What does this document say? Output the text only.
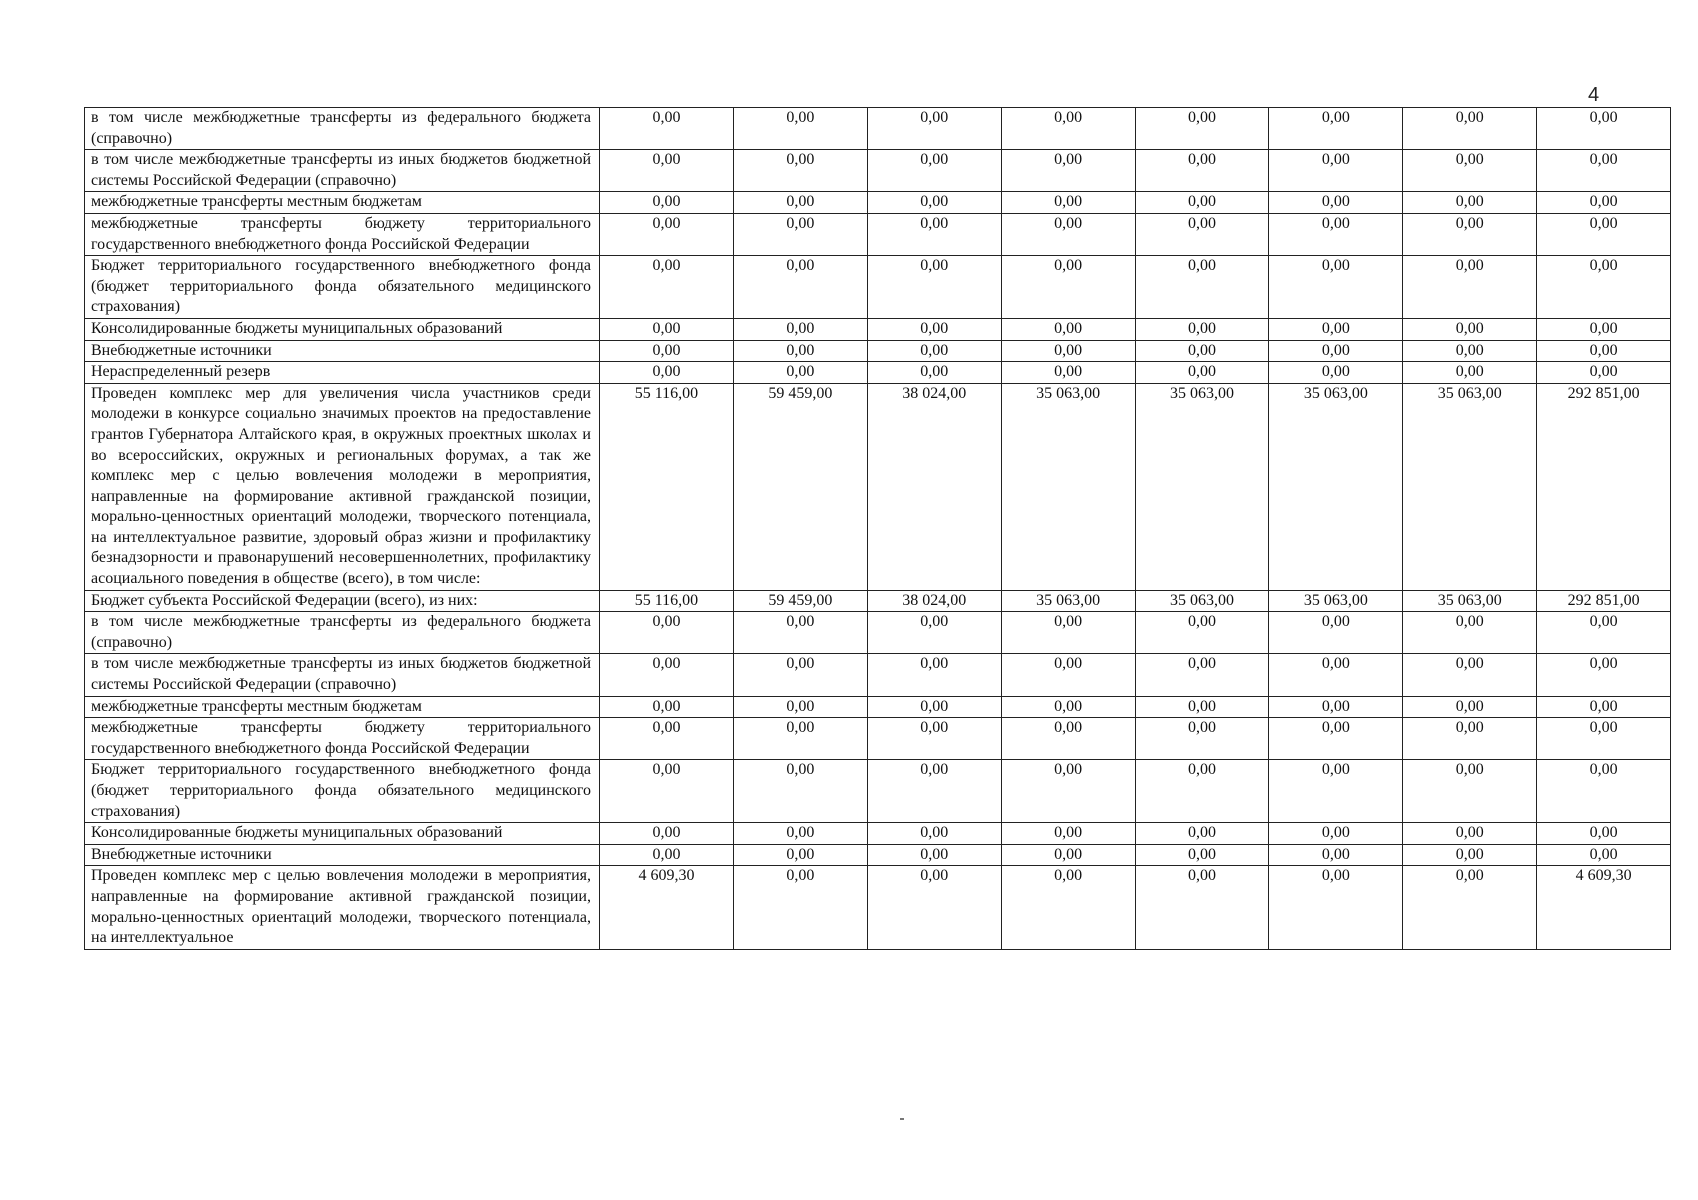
4
в том числе межбюджетные трансферты из федерального бюджета (справочно)	0,00	0,00	0,00	0,00	0,00	0,00	0,00	0,00
в том числе межбюджетные трансферты из иных бюджетов бюджетной системы Российской Федерации (справочно)	0,00	0,00	0,00	0,00	0,00	0,00	0,00	0,00
межбюджетные трансферты местным бюджетам	0,00	0,00	0,00	0,00	0,00	0,00	0,00	0,00
межбюджетные трансферты бюджету территориального государственного внебюджетного фонда Российской Федерации	0,00	0,00	0,00	0,00	0,00	0,00	0,00	0,00
Бюджет территориального государственного внебюджетного фонда (бюджет территориального фонда обязательного медицинского страхования)	0,00	0,00	0,00	0,00	0,00	0,00	0,00	0,00
Консолидированные бюджеты муниципальных образований	0,00	0,00	0,00	0,00	0,00	0,00	0,00	0,00
Внебюджетные источники	0,00	0,00	0,00	0,00	0,00	0,00	0,00	0,00
Нераспределенный резерв	0,00	0,00	0,00	0,00	0,00	0,00	0,00	0,00
Проведен комплекс мер для увеличения числа участников среди молодежи в конкурсе социально значимых проектов на предоставление грантов Губернатора Алтайского края, в окружных проектных школах и во всероссийских, окружных и региональных форумах, а так же комплекс мер с целью вовлечения молодежи в мероприятия, направленные на формирование активной гражданской позиции, морально-ценностных ориентаций молодежи, творческого потенциала, на интеллектуальное развитие, здоровый образ жизни и профилактику безнадзорности и правонарушений несовершеннолетних, профилактику асоциального поведения в обществе (всего), в том числе:	55 116,00	59 459,00	38 024,00	35 063,00	35 063,00	35 063,00	35 063,00	292 851,00
Бюджет субъекта Российской Федерации (всего), из них:	55 116,00	59 459,00	38 024,00	35 063,00	35 063,00	35 063,00	35 063,00	292 851,00
в том числе межбюджетные трансферты из федерального бюджета (справочно)	0,00	0,00	0,00	0,00	0,00	0,00	0,00	0,00
в том числе межбюджетные трансферты из иных бюджетов бюджетной системы Российской Федерации (справочно)	0,00	0,00	0,00	0,00	0,00	0,00	0,00	0,00
межбюджетные трансферты местным бюджетам	0,00	0,00	0,00	0,00	0,00	0,00	0,00	0,00
межбюджетные трансферты бюджету территориального государственного внебюджетного фонда Российской Федерации	0,00	0,00	0,00	0,00	0,00	0,00	0,00	0,00
Бюджет территориального государственного внебюджетного фонда (бюджет территориального фонда обязательного медицинского страхования)	0,00	0,00	0,00	0,00	0,00	0,00	0,00	0,00
Консолидированные бюджеты муниципальных образований	0,00	0,00	0,00	0,00	0,00	0,00	0,00	0,00
Внебюджетные источники	0,00	0,00	0,00	0,00	0,00	0,00	0,00	0,00
Проведен комплекс мер с целью вовлечения молодежи в мероприятия, направленные на формирование активной гражданской позиции, морально-ценностных ориентаций молодежи, творческого потенциала, на интеллектуальное	4 609,30	0,00	0,00	0,00	0,00	0,00	0,00	4 609,30
